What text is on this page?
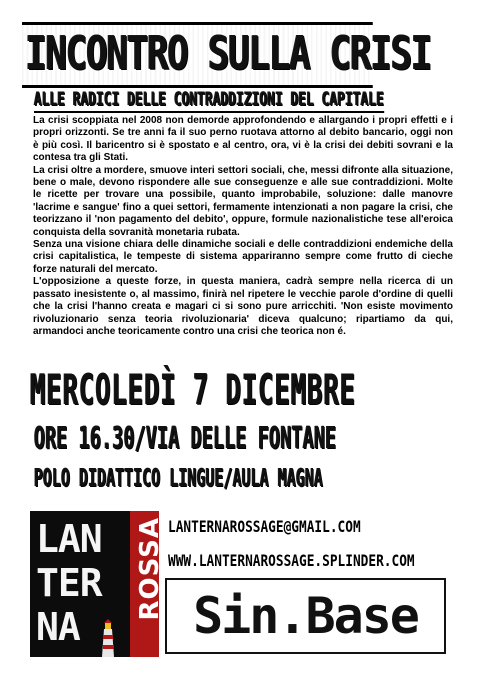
INCONTRO SULLA CRISI
ALLE RADICI DELLE CONTRADDIZIONI DEL CAPITALE

La crisi scoppiata nel 2008 non demorde approfondendo e allargando i propri effetti e i propri orizzonti. Se tre anni fa il suo perno ruotava attorno al debito bancario, oggi non è più così. Il baricentro si è spostato e al centro, ora, vi è la crisi dei debiti sovrani e la contesa tra gli Stati.

La crisi oltre a mordere, smuove interi settori sociali, che, messi difronte alla situazione, bene o male, devono rispondere alle sue conseguenze e alle sue contraddizioni. Molte le ricette per trovare una possibile, quanto improbabile, soluzione: dalle manovre 'lacrime e sangue' fino a quei settori, fermamente intenzionati a non pagare la crisi, che teorizzano il 'non pagamento del debito', oppure, formule nazionalistiche tese all'eroica conquista della sovranità monetaria rubata.

Senza una visione chiara delle dinamiche sociali e delle contraddizioni endemiche della crisi capitalistica, le tempeste di sistema appariranno sempre come frutto di cieche forze naturali del mercato.

L'opposizione a queste forze, in questa maniera, cadrà sempre nella ricerca di un passato inesistente o, al massimo, finirà nel ripetere le vecchie parole d'ordine di quelli che la crisi l'hanno creata e magari ci si sono pure arricchiti. 'Non esiste movimento rivoluzionario senza teoria rivoluzionaria' diceva qualcuno; ripartiamo da qui, armandoci anche teoricamente contro una crisi che teorica non é.

MERCOLEDÌ 7 DICEMBRE
ORE 16.30/VIA DELLE FONTANE
POLO DIDATTICO LINGUE/AULA MAGNA
LAN
TER
NA
ROSSA LANTERNAROSSAGE@GMAIL.COM
WWW.LANTERNAROSSAGE.SPLINDER.COM
Sin.Base
